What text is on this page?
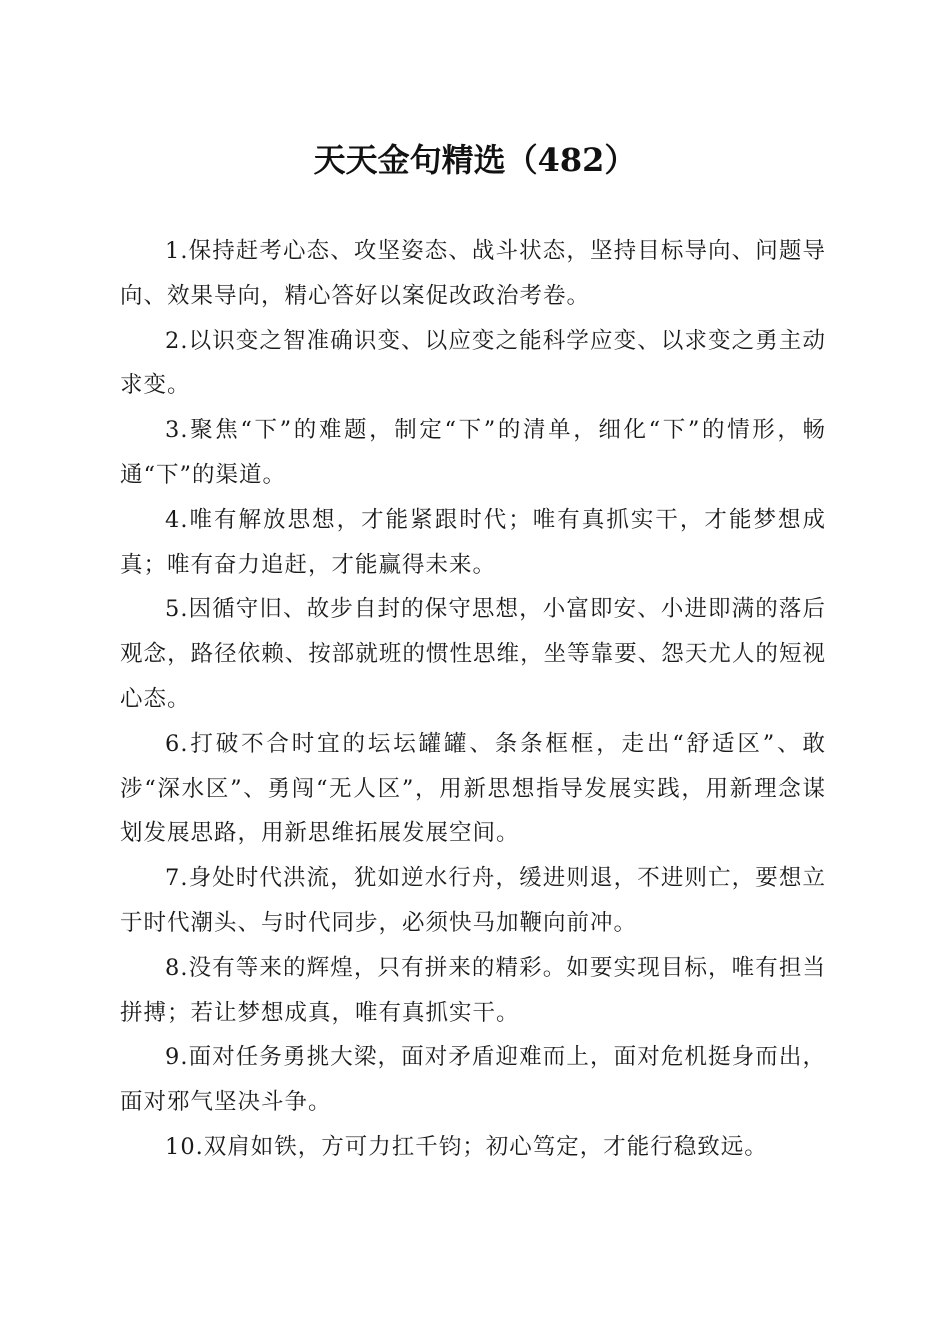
天天金句精选（482）

1.保持赶考心态、攻坚姿态、战斗状态，坚持目标导向、问题导向、效果导向，精心答好以案促改政治考卷。

2.以识变之智准确识变、以应变之能科学应变、以求变之勇主动求变。

3.聚焦“下”的难题，制定“下”的清单，细化“下”的情形，畅通“下”的渠道。

4.唯有解放思想，才能紧跟时代；唯有真抓实干，才能梦想成真；唯有奋力追赶，才能赢得未来。

5.因循守旧、故步自封的保守思想，小富即安、小进即满的落后观念，路径依赖、按部就班的惯性思维，坐等靠要、怨天尤人的短视心态。

6.打破不合时宜的坛坛罐罐、条条框框，走出“舒适区”、敢涉“深水区”、勇闯“无人区”，用新思想指导发展实践，用新理念谋划发展思路，用新思维拓展发展空间。

7.身处时代洪流，犹如逆水行舟，缓进则退，不进则亡，要想立于时代潮头、与时代同步，必须快马加鞭向前冲。

8.没有等来的辉煌，只有拼来的精彩。如要实现目标，唯有担当拼搏；若让梦想成真，唯有真抓实干。

9.面对任务勇挑大梁，面对矛盾迎难而上，面对危机挺身而出，面对邪气坚决斗争。

10.双肩如铁，方可力扛千钧；初心笃定，才能行稳致远。
